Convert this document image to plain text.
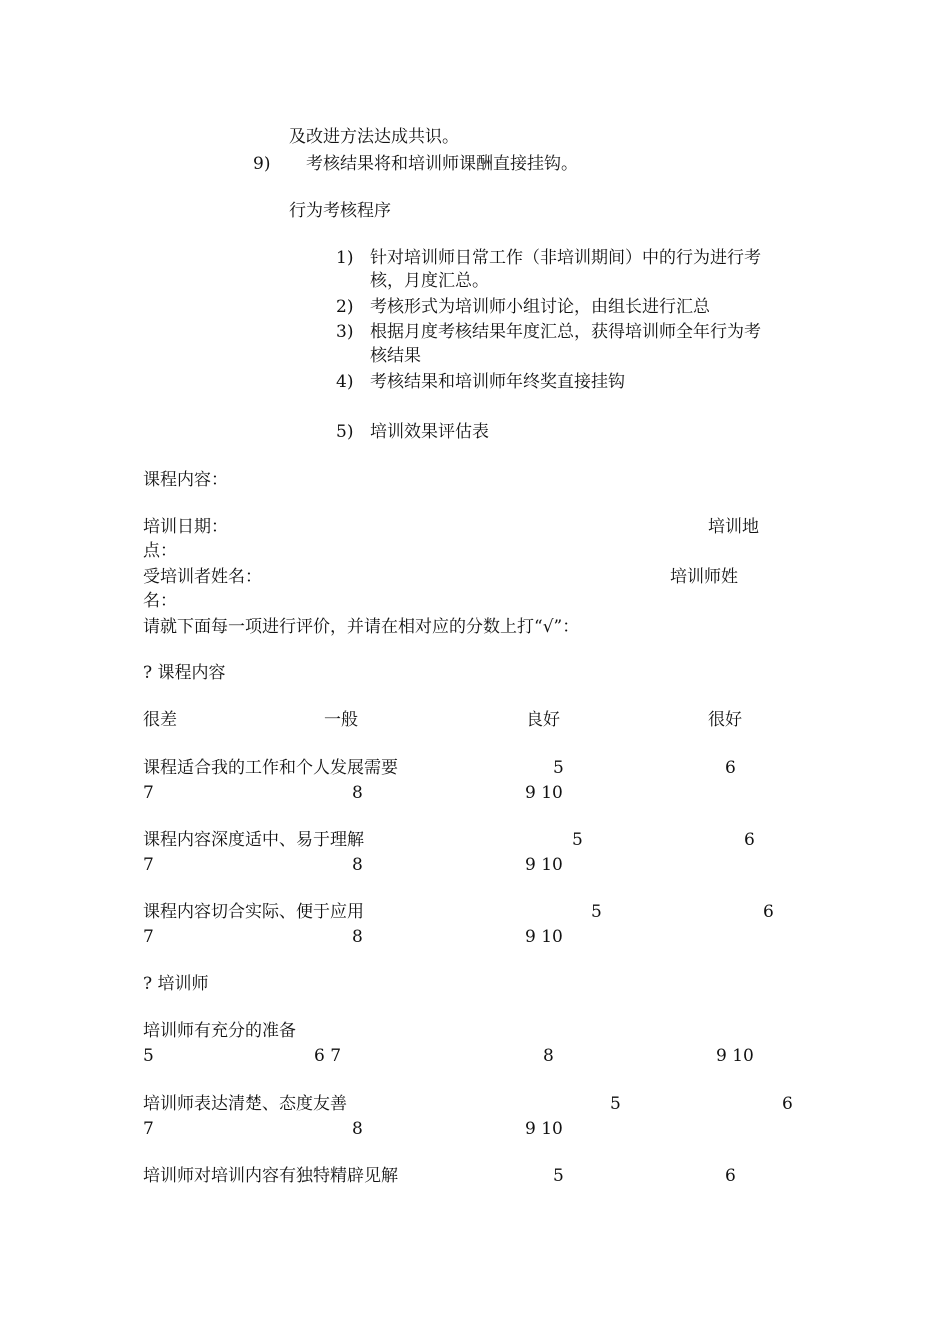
及改进方法达成共识。
9) 考核结果将和培训师课酬直接挂钩。
行为考核程序
1) 针对培训师日常工作（非培训期间）中的行为进行考
核，月度汇总。
2) 考核形式为培训师小组讨论，由组长进行汇总
3) 根据月度考核结果年度汇总，获得培训师全年行为考
核结果
4) 考核结果和培训师年终奖直接挂钩
5) 培训效果评估表
课程内容：
培训日期：	培训地
点：
受培训者姓名：	培训师姓
名：
请就下面每一项进行评价，并请在相对应的分数上打“√”：
? 课程内容
很差	一般	良好	很好
课程适合我的工作和个人发展需要	5	6
7	8	9 10
课程内容深度适中、易于理解	5	6
7	8	9 10
课程内容切合实际、便于应用	5	6
7	8	9 10
? 培训师
培训师有充分的准备
5	6 7	8	9 10
培训师表达清楚、态度友善	5	6
7	8	9 10
培训师对培训内容有独特精辟见解	5	6
